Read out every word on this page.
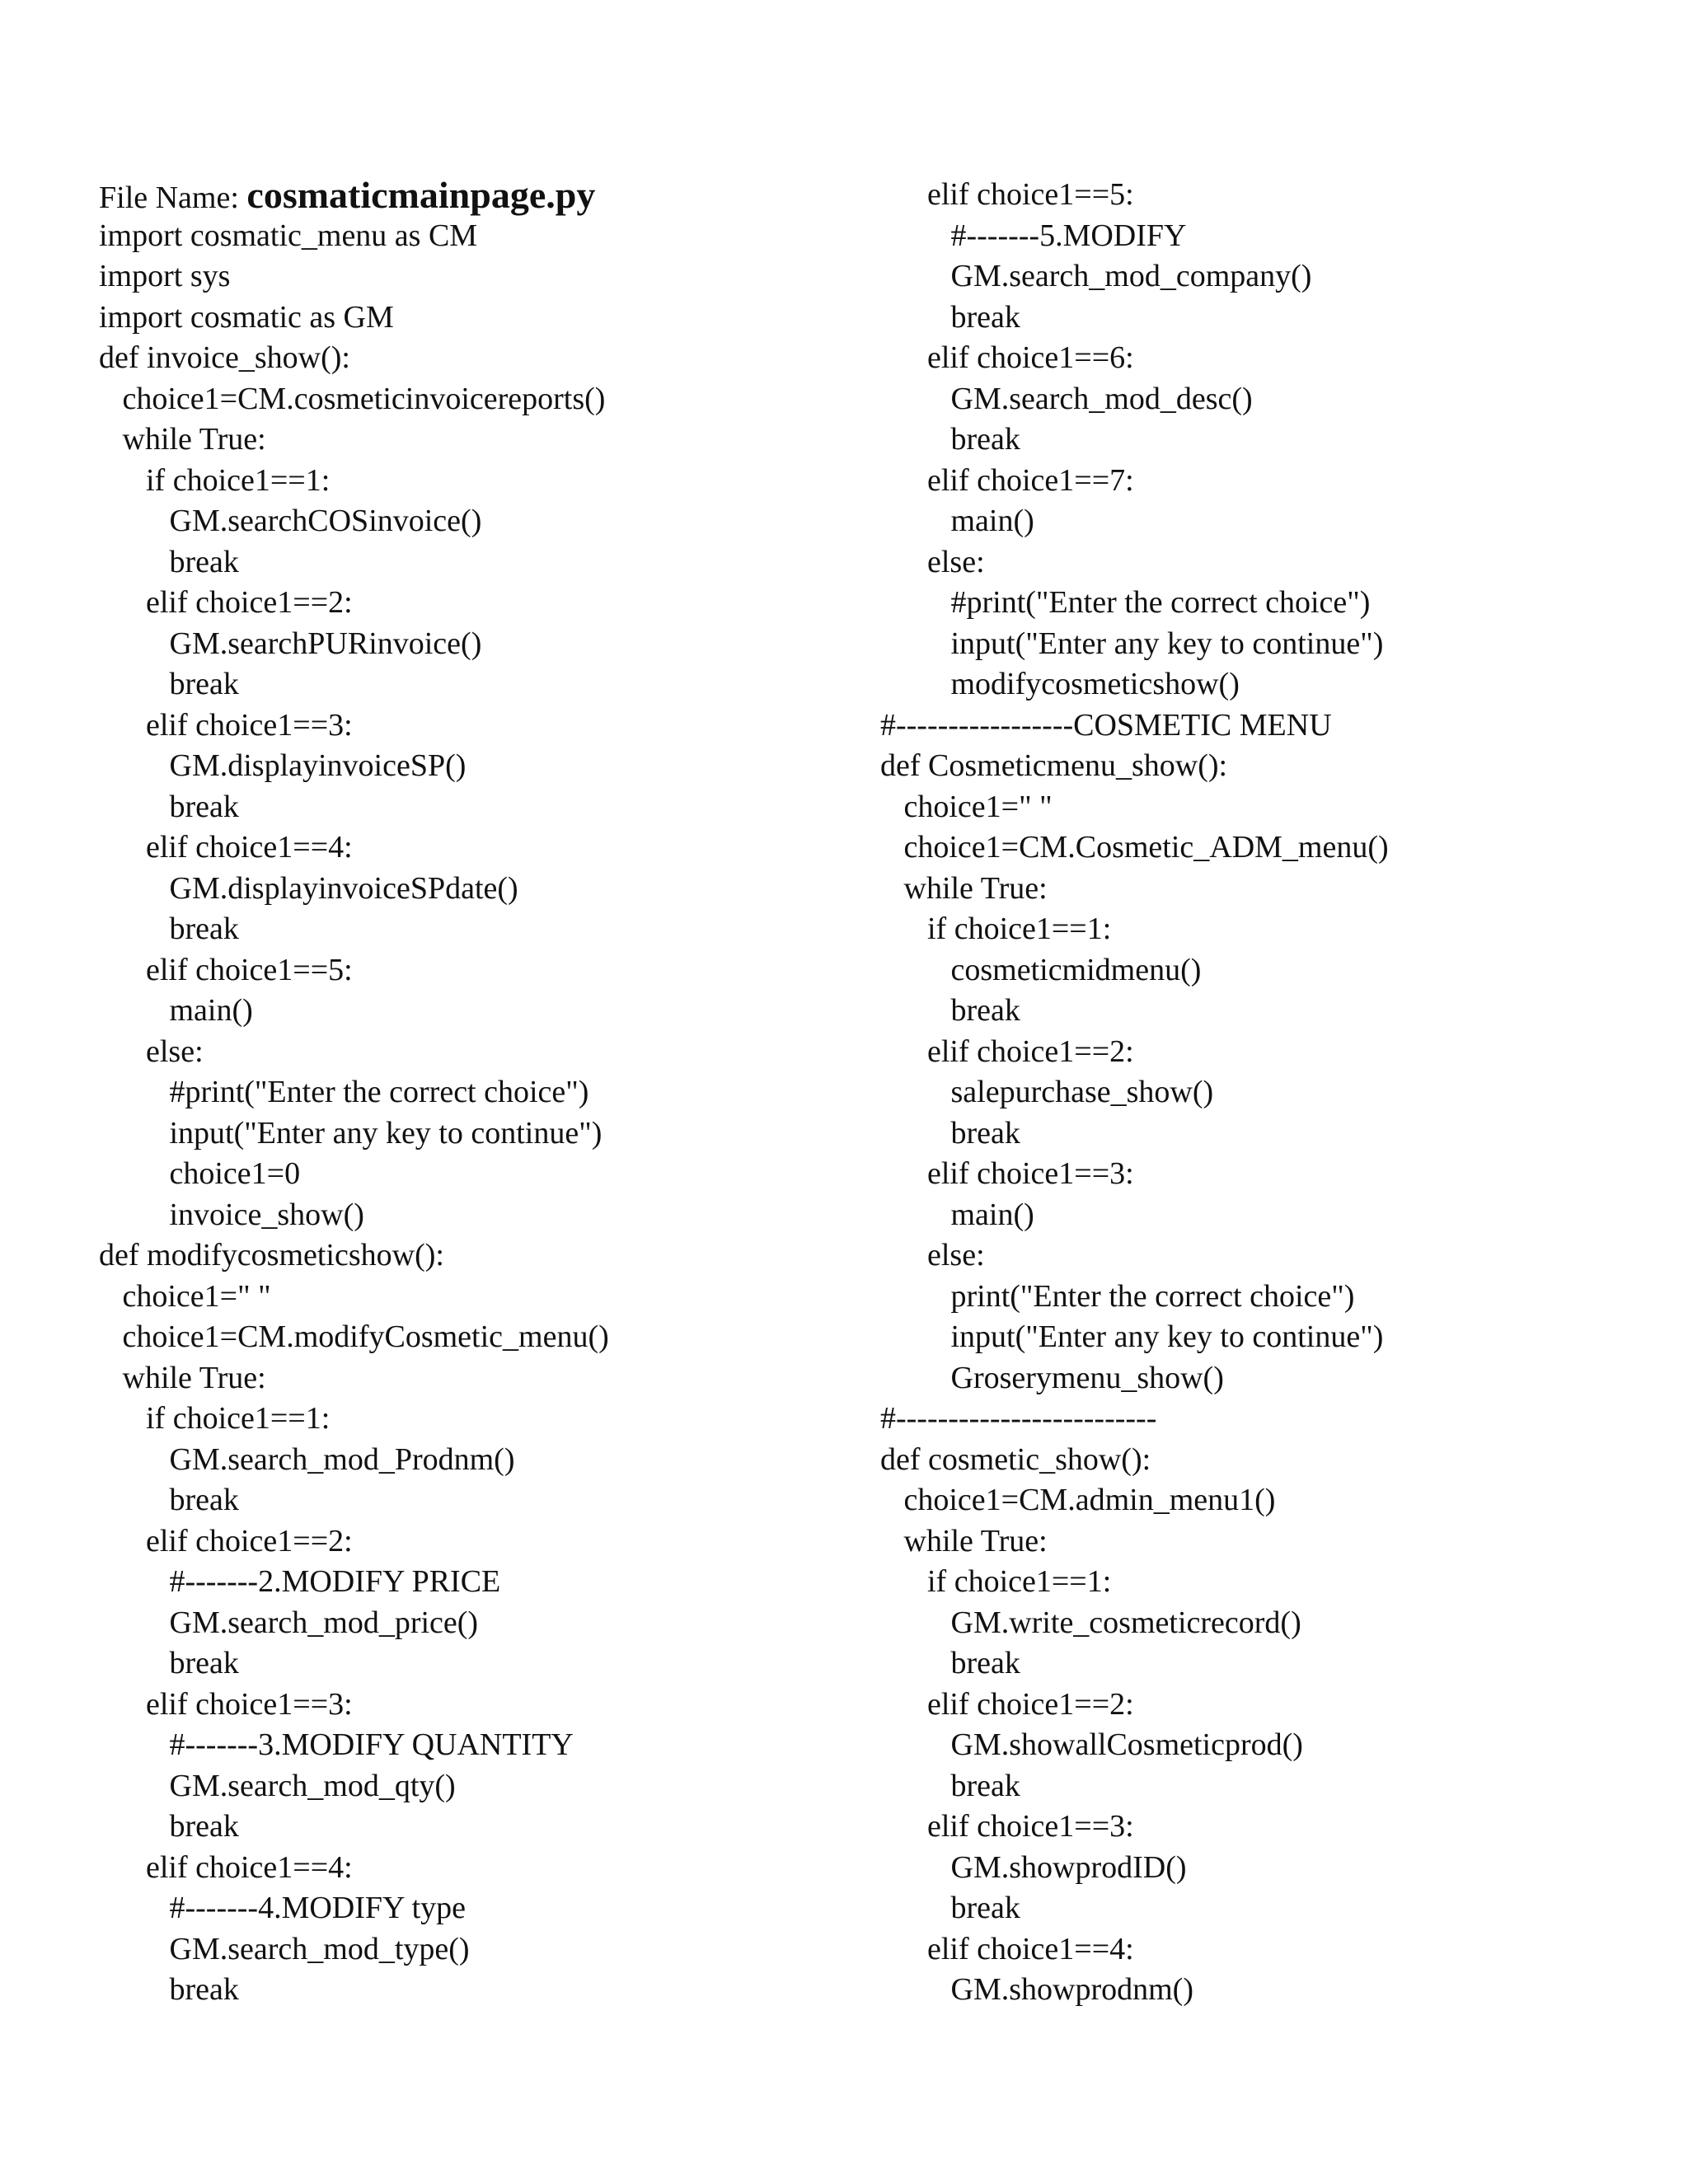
File Name: cosmaticmainpage.py
import cosmatic_menu as CM
import sys
import cosmatic as GM
def invoice_show():
choice1=CM.cosmeticinvoicereports()
while True:
if choice1==1:
GM.searchCOSinvoice()
break
elif choice1==2:
GM.searchPURinvoice()
break
elif choice1==3:
GM.displayinvoiceSP()
break
elif choice1==4:
GM.displayinvoiceSPdate()
break
elif choice1==5:
main()
else:
#print("Enter the correct choice")
input("Enter any key to continue")
choice1=0
invoice_show()
def modifycosmeticshow():
choice1=" "
choice1=CM.modifyCosmetic_menu()
while True:
if choice1==1:
GM.search_mod_Prodnm()
break
elif choice1==2:
#-------2.MODIFY PRICE
GM.search_mod_price()
break
elif choice1==3:
#-------3.MODIFY QUANTITY
GM.search_mod_qty()
break
elif choice1==4:
#-------4.MODIFY type
GM.search_mod_type()
break
elif choice1==5:
#-------5.MODIFY
GM.search_mod_company()
break
elif choice1==6:
GM.search_mod_desc()
break
elif choice1==7:
main()
else:
#print("Enter the correct choice")
input("Enter any key to continue")
modifycosmeticshow()
#-----------------COSMETIC MENU
def Cosmeticmenu_show():
choice1=" "
choice1=CM.Cosmetic_ADM_menu()
while True:
if choice1==1:
cosmeticmidmenu()
break
elif choice1==2:
salepurchase_show()
break
elif choice1==3:
main()
else:
print("Enter the correct choice")
input("Enter any key to continue")
Groserymenu_show()
#-------------------------
def cosmetic_show():
choice1=CM.admin_menu1()
while True:
if choice1==1:
GM.write_cosmeticrecord()
break
elif choice1==2:
GM.showallCosmeticprod()
break
elif choice1==3:
GM.showprodID()
break
elif choice1==4:
GM.showprodnm()
